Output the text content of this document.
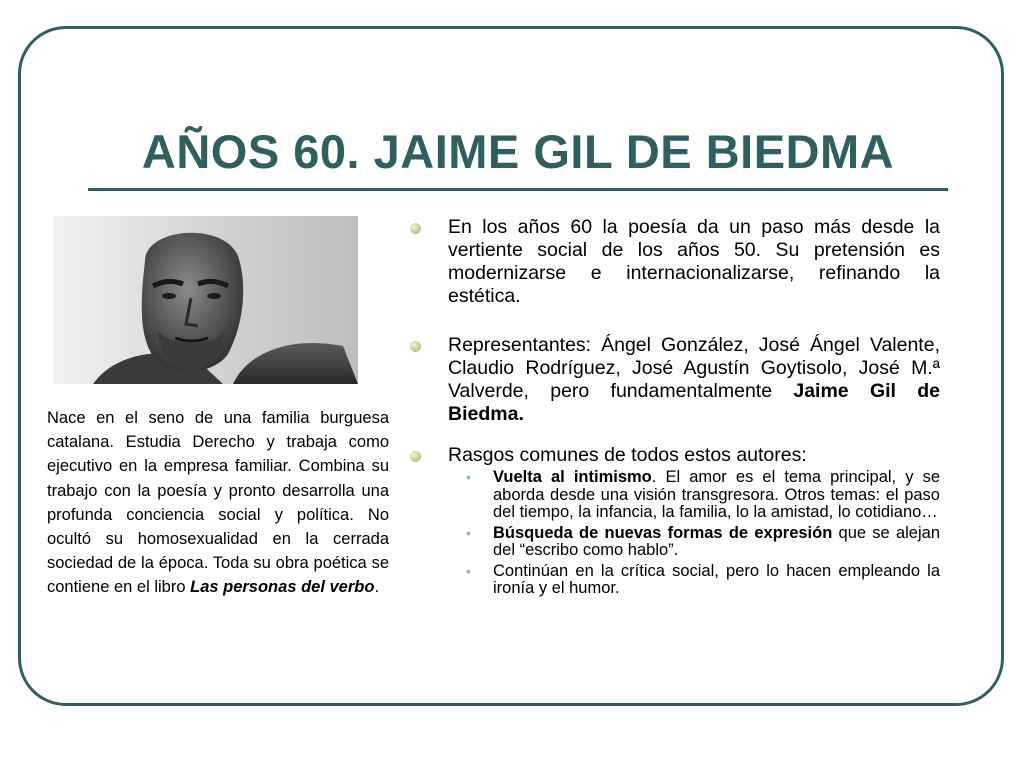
AÑOS 60. JAIME GIL DE BIEDMA

Nace en el seno de una familia burguesa catalana. Estudia Derecho y trabaja como ejecutivo en la empresa familiar. Combina su trabajo con la poesía y pronto desarrolla una profunda conciencia social y política. No ocultó su homosexualidad en la cerrada sociedad de la época. Toda su obra poética se contiene en el libro Las personas del verbo.

En los años 60 la poesía da un paso más desde la vertiente social de los años 50. Su pretensión es modernizarse e internacionalizarse, refinando la estética.
Representantes: Ángel González, José Ángel Valente, Claudio Rodríguez, José Agustín Goytisolo, José M.ª Valverde, pero fundamentalmente Jaime Gil de Biedma.
Rasgos comunes de todos estos autores:
• Vuelta al intimismo. El amor es el tema principal, y se aborda desde una visión transgresora. Otros temas: el paso del tiempo, la infancia, la familia, lo la amistad, lo cotidiano…
• Búsqueda de nuevas formas de expresión que se alejan del “escribo como hablo”.
• Continúan en la crítica social, pero lo hacen empleando la ironía y el humor.
